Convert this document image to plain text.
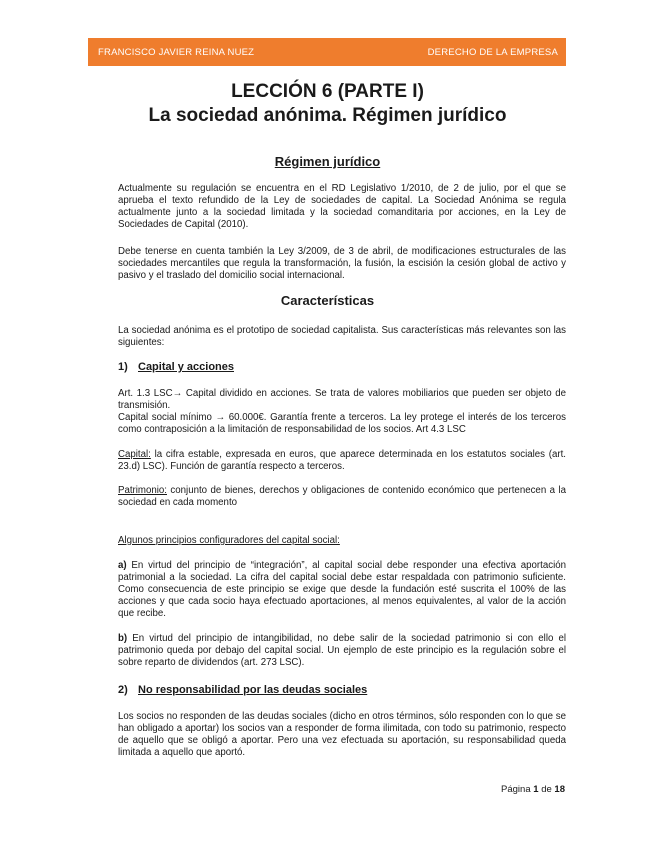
FRANCISCO JAVIER REINA NUEZ	DERECHO DE LA EMPRESA
LECCIÓN 6 (PARTE I)
La sociedad anónima. Régimen jurídico
Régimen jurídico
Actualmente su regulación se encuentra en el RD Legislativo 1/2010, de 2 de julio, por el que se aprueba el texto refundido de la Ley de sociedades de capital. La Sociedad Anónima se regula actualmente junto a la sociedad limitada y la sociedad comanditaria por acciones, en la Ley de Sociedades de Capital (2010).
Debe tenerse en cuenta también la Ley 3/2009, de 3 de abril, de modificaciones estructurales de las sociedades mercantiles que regula la transformación, la fusión, la escisión la cesión global de activo y pasivo y el traslado del domicilio social internacional.
Características
La sociedad anónima es el prototipo de sociedad capitalista. Sus características más relevantes son las siguientes:
1) Capital y acciones
Art. 1.3 LSC→ Capital dividido en acciones. Se trata de valores mobiliarios que pueden ser objeto de transmisión.
Capital social mínimo → 60.000€. Garantía frente a terceros. La ley protege el interés de los terceros como contraposición a la limitación de responsabilidad de los socios. Art 4.3 LSC
Capital: la cifra estable, expresada en euros, que aparece determinada en los estatutos sociales (art. 23.d) LSC). Función de garantía respecto a terceros.
Patrimonio: conjunto de bienes, derechos y obligaciones de contenido económico que pertenecen a la sociedad en cada momento
Algunos principios configuradores del capital social:
a) En virtud del principio de “integración”, al capital social debe responder una efectiva aportación patrimonial a la sociedad. La cifra del capital social debe estar respaldada con patrimonio suficiente. Como consecuencia de este principio se exige que desde la fundación esté suscrita el 100% de las acciones y que cada socio haya efectuado aportaciones, al menos equivalentes, al valor de la acción que recibe.
b) En virtud del principio de intangibilidad, no debe salir de la sociedad patrimonio si con ello el patrimonio queda por debajo del capital social. Un ejemplo de este principio es la regulación sobre el sobre reparto de dividendos (art. 273 LSC).
2) No responsabilidad por las deudas sociales
Los socios no responden de las deudas sociales (dicho en otros términos, sólo responden con lo que se han obligado a aportar) los socios van a responder de forma ilimitada, con todo su patrimonio, respecto de aquello que se obligó a aportar. Pero una vez efectuada su aportación, su responsabilidad queda limitada a aquello que aportó.
Página 1 de 18
